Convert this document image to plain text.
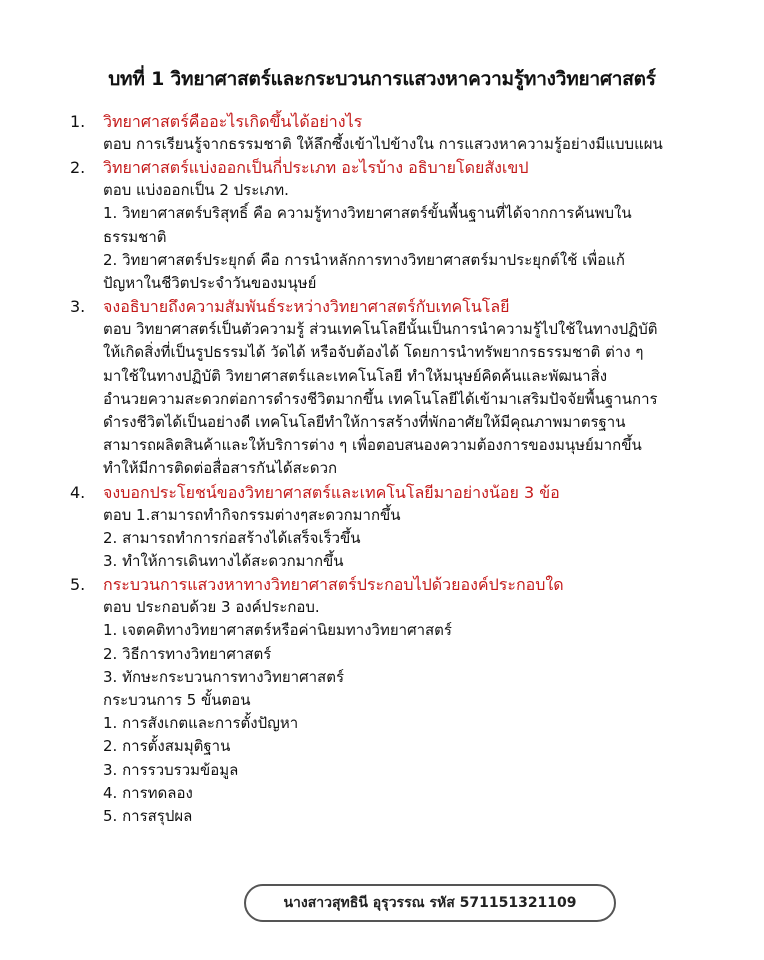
บทที่ 1 วิทยาศาสตร์และกระบวนการแสวงหาความรู้ทางวิทยาศาสตร์
1.	วิทยาศาสตร์คืออะไรเกิดขึ้นได้อย่างไร
ตอบ การเรียนรู้จากธรรมชาติ ให้ลึกซึ้งเข้าไปข้างใน การแสวงหาความรู้อย่างมีแบบแผน
2.	วิทยาศาสตร์แบ่งออกเป็นกี่ประเภท อะไรบ้าง อธิบายโดยสังเขป
ตอบ แบ่งออกเป็น 2 ประเภท.
1. วิทยาศาสตร์บริสุทธิ์ คือ ความรู้ทางวิทยาศาสตร์ขั้นพื้นฐานที่ได้จากการค้นพบใน
ธรรมชาติ
2. วิทยาศาสตร์ประยุกต์ คือ การนำหลักการทางวิทยาศาสตร์มาประยุกต์ใช้ เพื่อแก้
ปัญหาในชีวิตประจำวันของมนุษย์
3.	จงอธิบายถึงความสัมพันธ์ระหว่างวิทยาศาสตร์กับเทคโนโลยี
ตอบ วิทยาศาสตร์เป็นตัวความรู้ ส่วนเทคโนโลยีนั้นเป็นการนำความรู้ไปใช้ในทางปฏิบัติ
ให้เกิดสิ่งที่เป็นรูปธรรมได้ วัดได้ หรือจับต้องได้ โดยการนำทรัพยากรธรรมชาติ ต่าง ๆ
มาใช้ในทางปฏิบัติ วิทยาศาสตร์และเทคโนโลยี ทำให้มนุษย์คิดค้นและพัฒนาสิ่ง
อำนวยความสะดวกต่อการดำรงชีวิตมากขึ้น เทคโนโลยีได้เข้ามาเสริมปัจจัยพื้นฐานการ
ดำรงชีวิตได้เป็นอย่างดี เทคโนโลยีทำให้การสร้างที่พักอาศัยให้มีคุณภาพมาตรฐาน
สามารถผลิตสินค้าและให้บริการต่าง ๆ เพื่อตอบสนองความต้องการของมนุษย์มากขึ้น
ทำให้มีการติดต่อสื่อสารกันได้สะดวก
4.	จงบอกประโยชน์ของวิทยาศาสตร์และเทคโนโลยีมาอย่างน้อย 3 ข้อ
ตอบ 1.สามารถทำกิจกรรมต่างๆสะดวกมากขึ้น
2. สามารถทำการก่อสร้างได้เสร็จเร็วขึ้น
3. ทำให้การเดินทางได้สะดวกมากขึ้น
5.	กระบวนการแสวงหาทางวิทยาศาสตร์ประกอบไปด้วยองค์ประกอบใด
ตอบ ประกอบด้วย 3 องค์ประกอบ.
1. เจตคติทางวิทยาศาสตร์หรือค่านิยมทางวิทยาศาสตร์
2. วิธีการทางวิทยาศาสตร์
3. ทักษะกระบวนการทางวิทยาศาสตร์
กระบวนการ 5 ขั้นตอน
1. การสังเกตและการตั้งปัญหา
2. การตั้งสมมุติฐาน
3. การรวบรวมข้อมูล
4. การทดลอง
5. การสรุปผล
นางสาวสุทธินี อุรุวรรณ รหัส 571151321109
